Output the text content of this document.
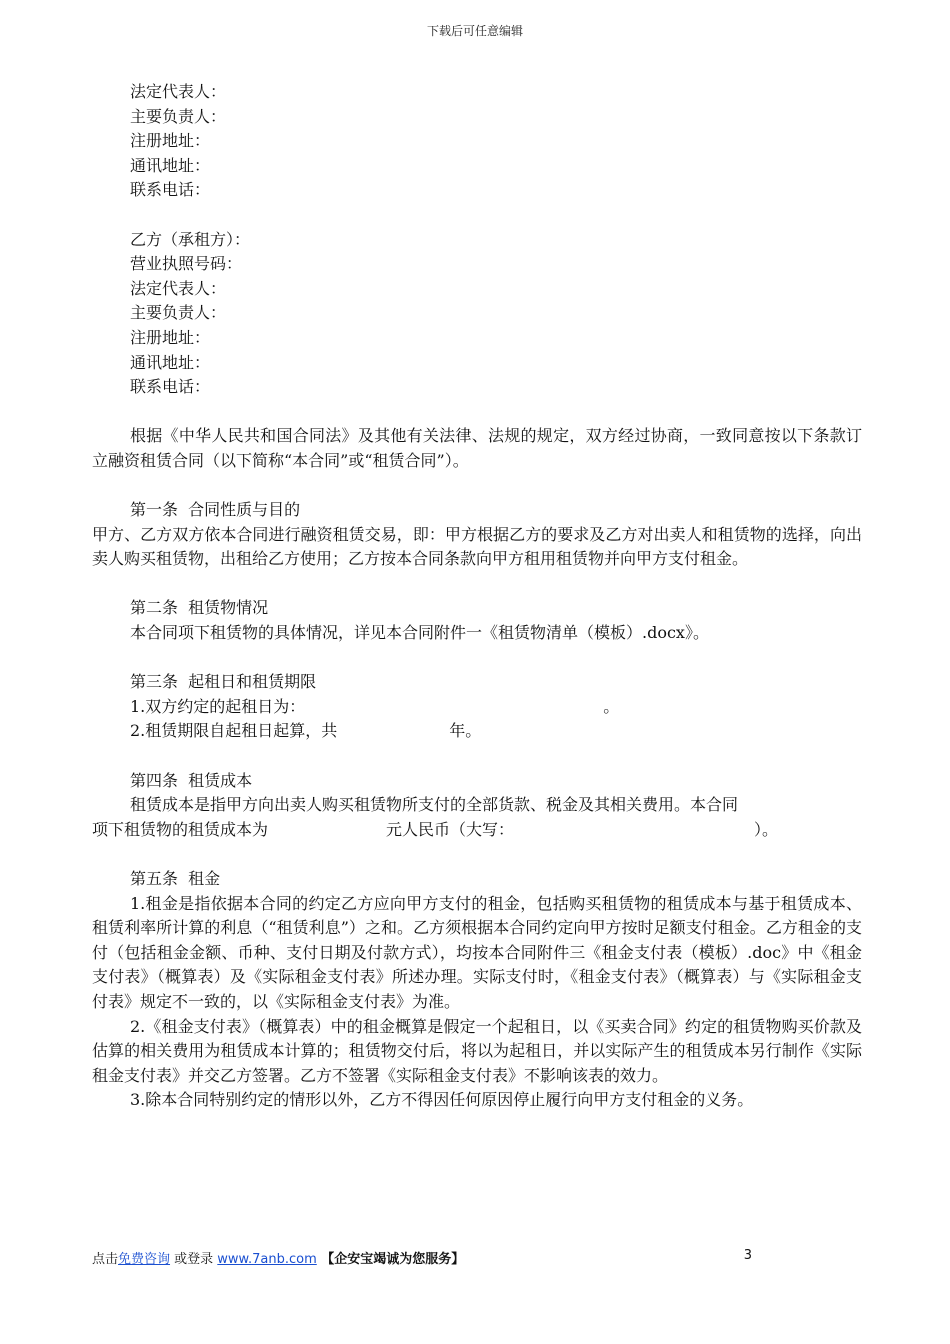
下载后可任意编辑
法定代表人：
主要负责人：
注册地址：
通讯地址：
联系电话：
乙方（承租方）：
营业执照号码：
法定代表人：
主要负责人：
注册地址：
通讯地址：
联系电话：
根据《中华人民共和国合同法》及其他有关法律、法规的规定，双方经过协商，一致同意按以下条款订立融资租赁合同（以下简称“本合同”或“租赁合同”）。
第一条  合同性质与目的
甲方、乙方双方依本合同进行融资租赁交易，即：甲方根据乙方的要求及乙方对出卖人和租赁物的选择，向出卖人购买租赁物，出租给乙方使用；乙方按本合同条款向甲方租用租赁物并向甲方支付租金。
第二条  租赁物情况
本合同项下租赁物的具体情况，详见本合同附件一《租赁物清单（模板）.docx》。
第三条  起租日和租赁期限
1.双方约定的起租日为：	。
2.租赁期限自起租日起算，共	年。
第四条  租赁成本
租赁成本是指甲方向出卖人购买租赁物所支付的全部货款、税金及其相关费用。本合同
项下租赁物的租赁成本为	元人民币（大写：	）。
第五条  租金
1.租金是指依据本合同的约定乙方应向甲方支付的租金，包括购买租赁物的租赁成本与基于租赁成本、租赁利率所计算的利息（“租赁利息”）之和。乙方须根据本合同约定向甲方按时足额支付租金。乙方租金的支付（包括租金金额、币种、支付日期及付款方式），均按本合同附件三《租金支付表（模板）.doc》中《租金支付表》（概算表）及《实际租金支付表》所述办理。实际支付时，《租金支付表》（概算表）与《实际租金支付表》规定不一致的，以《实际租金支付表》为准。
2.《租金支付表》（概算表）中的租金概算是假定一个起租日，以《买卖合同》约定的租赁物购买价款及估算的相关费用为租赁成本计算的；租赁物交付后，将以为起租日，并以实际产生的租赁成本另行制作《实际租金支付表》并交乙方签署。乙方不签署《实际租金支付表》不影响该表的效力。
3.除本合同特别约定的情形以外，乙方不得因任何原因停止履行向甲方支付租金的义务。
点击免费咨询 或登录 www.7anb.com 【企安宝竭诚为您服务】	3
